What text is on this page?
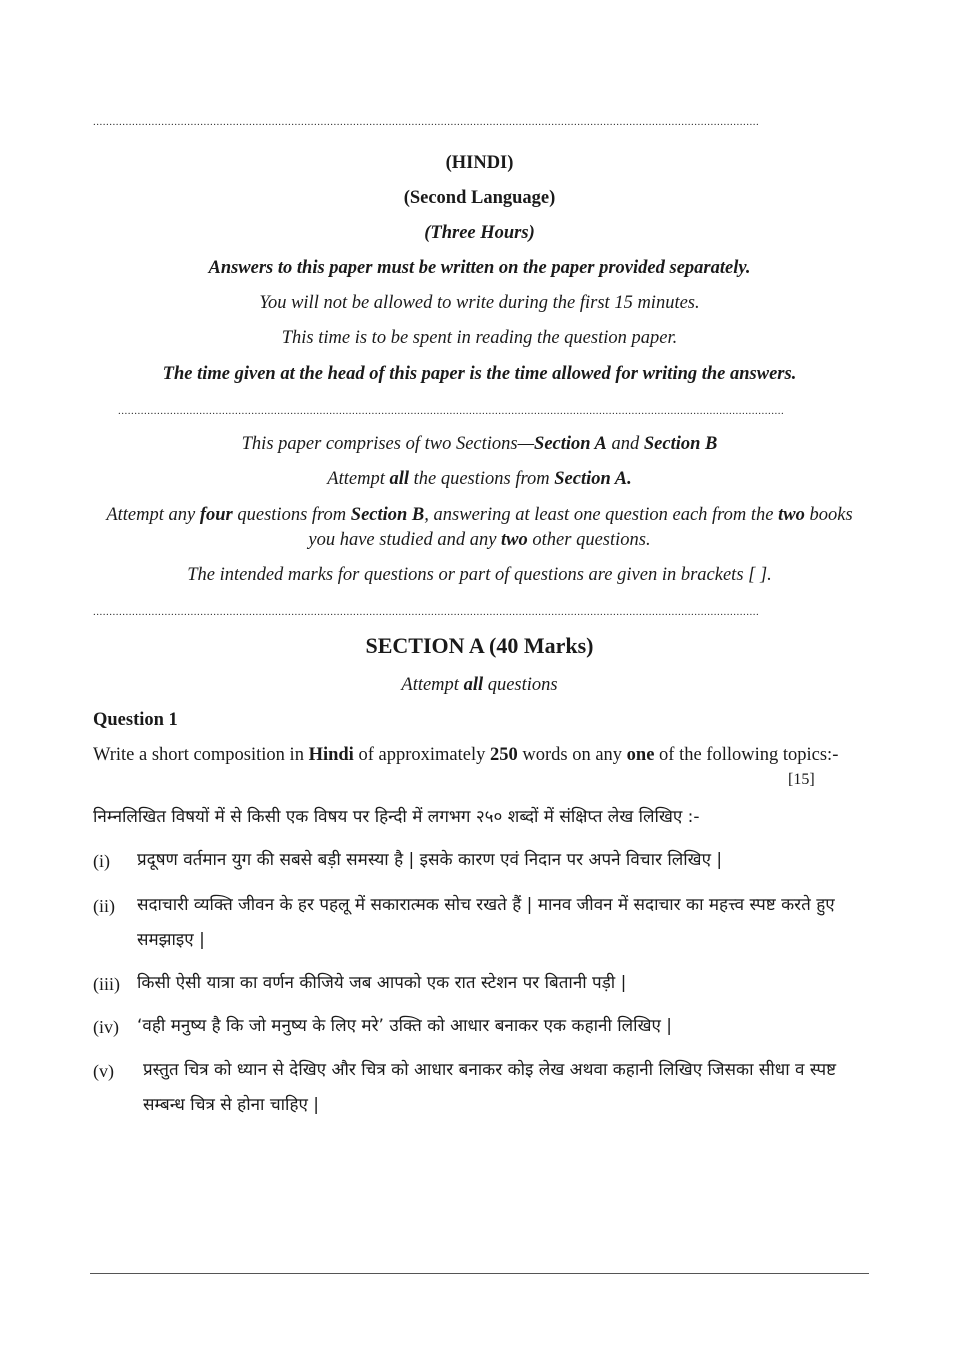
.............................................................................................................................................................................................................
(HINDI)
(Second Language)
(Three Hours)
Answers to this paper must be written on the paper provided separately.
You will not be allowed to write during the first 15 minutes.
This time is to be spent in reading the question paper.
The time given at the head of this paper is the time allowed for writing the answers.
.............................................................................................................................................................................................................
This paper comprises of two Sections—Section A and Section B
Attempt all the questions from Section A.
Attempt any four questions from Section B, answering at least one question each from the two books you have studied and any two other questions.
The intended marks for questions or part of questions are given in brackets [ ].
.............................................................................................................................................................................................................
SECTION A (40 Marks)
Attempt all questions
Question 1
Write a short composition in Hindi of approximately 250 words on any one of the following topics:-
[15]
निम्नलिखित विषयों में से किसी एक विषय पर हिन्दी में लगभग २५० शब्दों में संक्षिप्त लेख लिखिए :-
(i) प्रदूषण वर्तमान युग की सबसे बड़ी समस्या है | इसके कारण एवं निदान पर अपने विचार लिखिए |
(ii) सदाचारी व्यक्ति जीवन के हर पहलू में सकारात्मक सोच रखते हैं | मानव जीवन में सदाचार का महत्त्व स्पष्ट करते हुए समझाइए |
(iii) किसी ऐसी यात्रा का वर्णन कीजिये जब आपको एक रात स्टेशन पर बितानी पड़ी |
(iv) ‘वही मनुष्य है कि जो मनुष्य के लिए मरे’ उक्ति को आधार बनाकर एक कहानी लिखिए |
(v) प्रस्तुत चित्र को ध्यान से देखिए और चित्र को आधार बनाकर कोइ लेख अथवा कहानी लिखिए जिसका सीधा व स्पष्ट सम्बन्ध चित्र से होना चाहिए |
